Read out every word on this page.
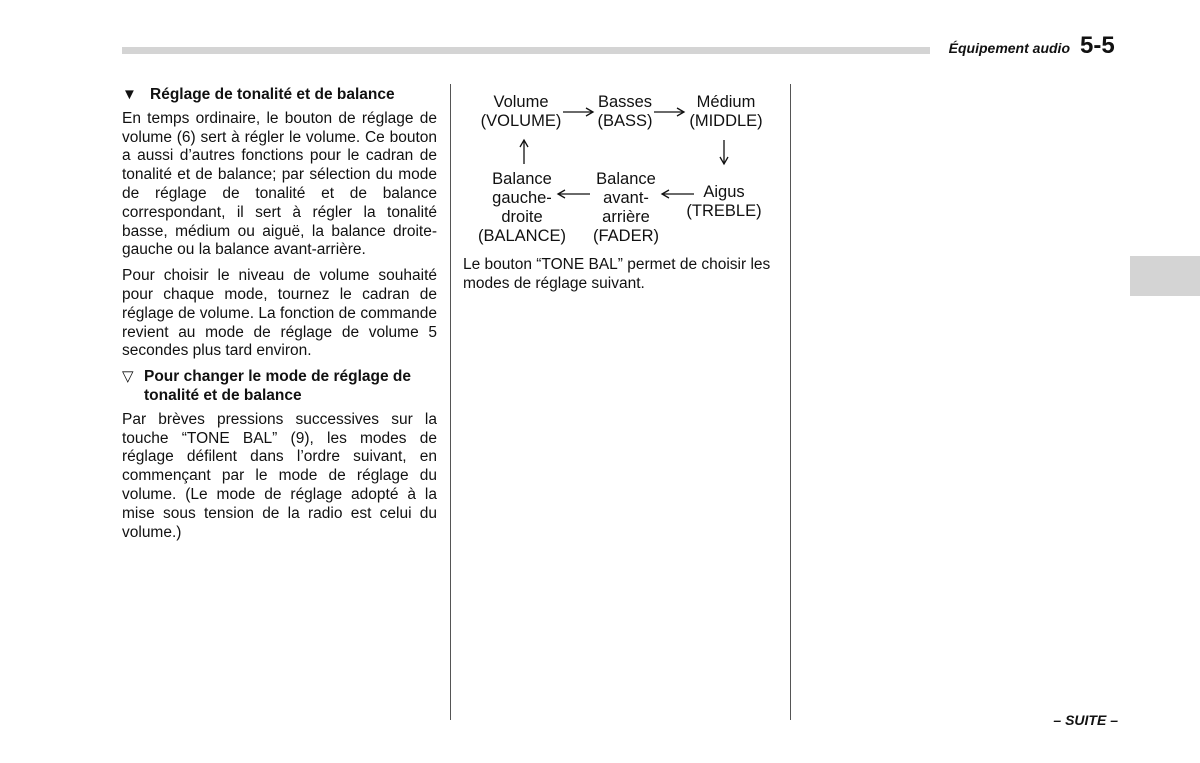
Équipement audio 5-5
▼ Réglage de tonalité et de balance

En temps ordinaire, le bouton de réglage de volume (6) sert à régler le volume. Ce bouton a aussi d’autres fonctions pour le cadran de tonalité et de balance; par sélection du mode de réglage de tonalité et de balance correspondant, il sert à régler la tonalité basse, médium ou aiguë, la balance droite-gauche ou la balance avant-arrière.

Pour choisir le niveau de volume souhaité pour chaque mode, tournez le cadran de réglage de volume. La fonction de commande revient au mode de réglage de volume 5 secondes plus tard environ.

▽ Pour changer le mode de réglage de tonalité et de balance

Par brèves pressions successives sur la touche “TONE BAL” (9), les modes de réglage défilent dans l’ordre suivant, en commençant par le mode de réglage du volume. (Le mode de réglage adopté à la mise sous tension de la radio est celui du volume.)

Volume
(VOLUME)
Basses
(BASS)
Médium
(MIDDLE)
Aigus
(TREBLE)
Balance
avant-
arrière
(FADER)
Balance
gauche-
droite
(BALANCE)

Le bouton “TONE BAL” permet de choisir les modes de réglage suivant.

– SUITE –
